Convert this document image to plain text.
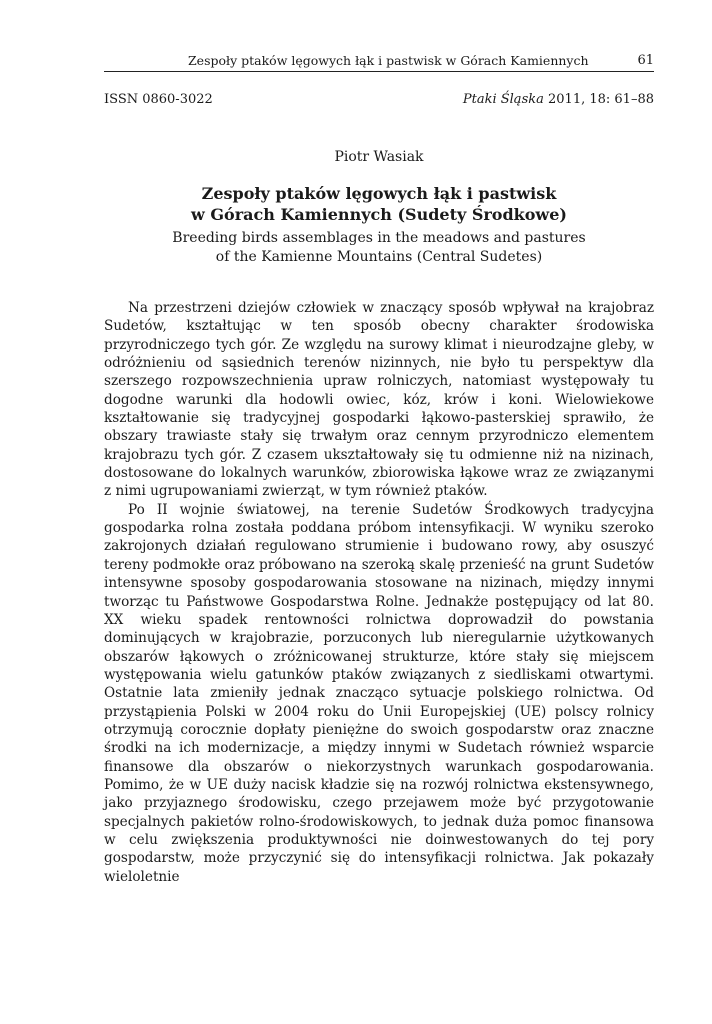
Zespoły ptaków lęgowych łąk i pastwisk w Górach Kamiennych	61
ISSN 0860-3022	Ptaki Śląska 2011, 18: 61–88
Piotr Wasiak
Zespoły ptaków lęgowych łąk i pastwisk
w Górach Kamiennych (Sudety Środkowe)
Breeding birds assemblages in the meadows and pastures
of the Kamienne Mountains (Central Sudetes)

Na przestrzeni dziejów człowiek w znaczący sposób wpływał na krajobraz Sudetów, kształtując w ten sposób obecny charakter środowiska przyrodniczego tych gór. Ze względu na surowy klimat i nieurodzajne gleby, w odróżnieniu od sąsiednich terenów nizinnych, nie było tu perspektyw dla szerszego rozpowszechnienia upraw rolniczych, natomiast występowały tu dogodne warunki dla hodowli owiec, kóz, krów i koni. Wielowiekowe kształtowanie się tradycyjnej gospodarki łąkowo-pasterskiej sprawiło, że obszary trawiaste stały się trwałym oraz cennym przyrodniczo elementem krajobrazu tych gór. Z czasem ukształtowały się tu odmienne niż na nizinach, dostosowane do lokalnych warunków, zbiorowiska łąkowe wraz ze związanymi z nimi ugrupowaniami zwierząt, w tym również ptaków.

Po II wojnie światowej, na terenie Sudetów Środkowych tradycyjna gospodarka rolna została poddana próbom intensyfikacji. W wyniku szeroko zakrojonych działań regulowano strumienie i budowano rowy, aby osuszyć tereny podmokłe oraz próbowano na szeroką skalę przenieść na grunt Sudetów intensywne sposoby gospodarowania stosowane na nizinach, między innymi tworząc tu Państwowe Gospodarstwa Rolne. Jednakże postępujący od lat 80. XX wieku spadek rentowności rolnictwa doprowadził do powstania dominujących w krajobrazie, porzuconych lub nieregularnie użytkowanych obszarów łąkowych o zróżnicowanej strukturze, które stały się miejscem występowania wielu gatunków ptaków związanych z siedliskami otwartymi. Ostatnie lata zmieniły jednak znacząco sytuacje polskiego rolnictwa. Od przystąpienia Polski w 2004 roku do Unii Europejskiej (UE) polscy rolnicy otrzymują corocznie dopłaty pieniężne do swoich gospodarstw oraz znaczne środki na ich modernizacje, a między innymi w Sudetach również wsparcie finansowe dla obszarów o niekorzystnych warunkach gospodarowania. Pomimo, że w UE duży nacisk kładzie się na rozwój rolnictwa ekstensywnego, jako przyjaznego środowisku, czego przejawem może być przygotowanie specjalnych pakietów rolno-środowiskowych, to jednak duża pomoc finansowa w celu zwiększenia produktywności nie doinwestowanych do tej pory gospodarstw, może przyczynić się do intensyfikacji rolnictwa. Jak pokazały wieloletnie
